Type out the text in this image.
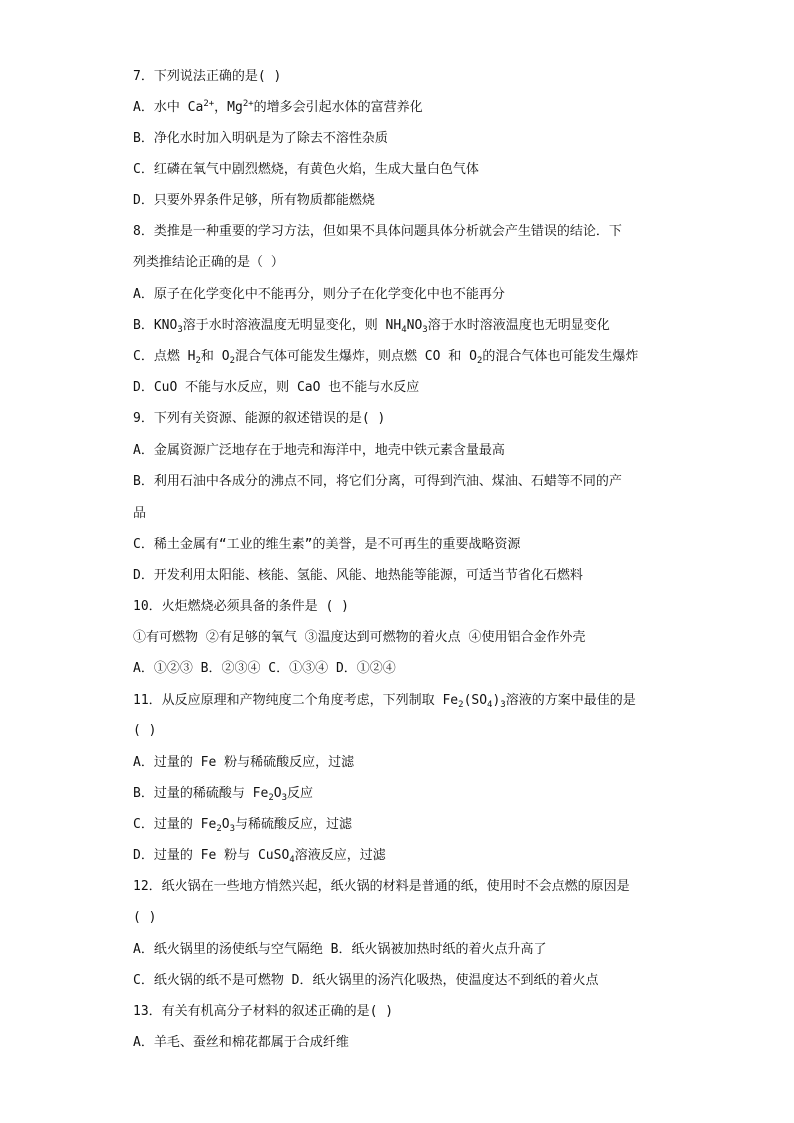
7．下列说法正确的是( )
A．水中 $Ca^{2+}$，$Mg^{2+}$的增多会引起水体的富营养化
B．净化水时加入明矾是为了除去不溶性杂质
C．红磷在氧气中剧烈燃烧，有黄色火焰，生成大量白色气体
D．只要外界条件足够，所有物质都能燃烧
8．类推是一种重要的学习方法，但如果不具体问题具体分析就会产生错误的结论．下
列类推结论正确的是（ ）
A．原子在化学变化中不能再分，则分子在化学变化中也不能再分
B．$KNO_3$溶于水时溶液温度无明显变化，则 $NH_4NO_3$溶于水时溶液温度也无明显变化
C．点燃 $H_2$和 $O_2$混合气体可能发生爆炸，则点燃 CO 和 $O_2$的混合气体也可能发生爆炸
D．CuO 不能与水反应，则 CaO 也不能与水反应
9．下列有关资源、能源的叙述错误的是( )
A．金属资源广泛地存在于地壳和海洋中，地壳中铁元素含量最高
B．利用石油中各成分的沸点不同，将它们分离，可得到汽油、煤油、石蜡等不同的产
品
C．稀土金属有“工业的维生素”的美誉，是不可再生的重要战略资源
D．开发利用太阳能、核能、氢能、风能、地热能等能源，可适当节省化石燃料
10．火炬燃烧必须具备的条件是 ( )
①有可燃物 ②有足够的氧气 ③温度达到可燃物的着火点 ④使用铝合金作外壳
A．①②③ B．②③④ C．①③④ D．①②④
11．从反应原理和产物纯度二个角度考虑，下列制取 $Fe_2(SO_4)_3$溶液的方案中最佳的是
( )
A．过量的 Fe 粉与稀硫酸反应，过滤
B．过量的稀硫酸与 $Fe_2O_3$反应
C．过量的 $Fe_2O_3$与稀硫酸反应，过滤
D．过量的 Fe 粉与 CuSO$_4$溶液反应，过滤
12．纸火锅在一些地方悄然兴起，纸火锅的材料是普通的纸，使用时不会点燃的原因是
( )
A．纸火锅里的汤使纸与空气隔绝 B．纸火锅被加热时纸的着火点升高了
C．纸火锅的纸不是可燃物 D．纸火锅里的汤汽化吸热，使温度达不到纸的着火点
13．有关有机高分子材料的叙述正确的是( )
A．羊毛、蚕丝和棉花都属于合成纤维
